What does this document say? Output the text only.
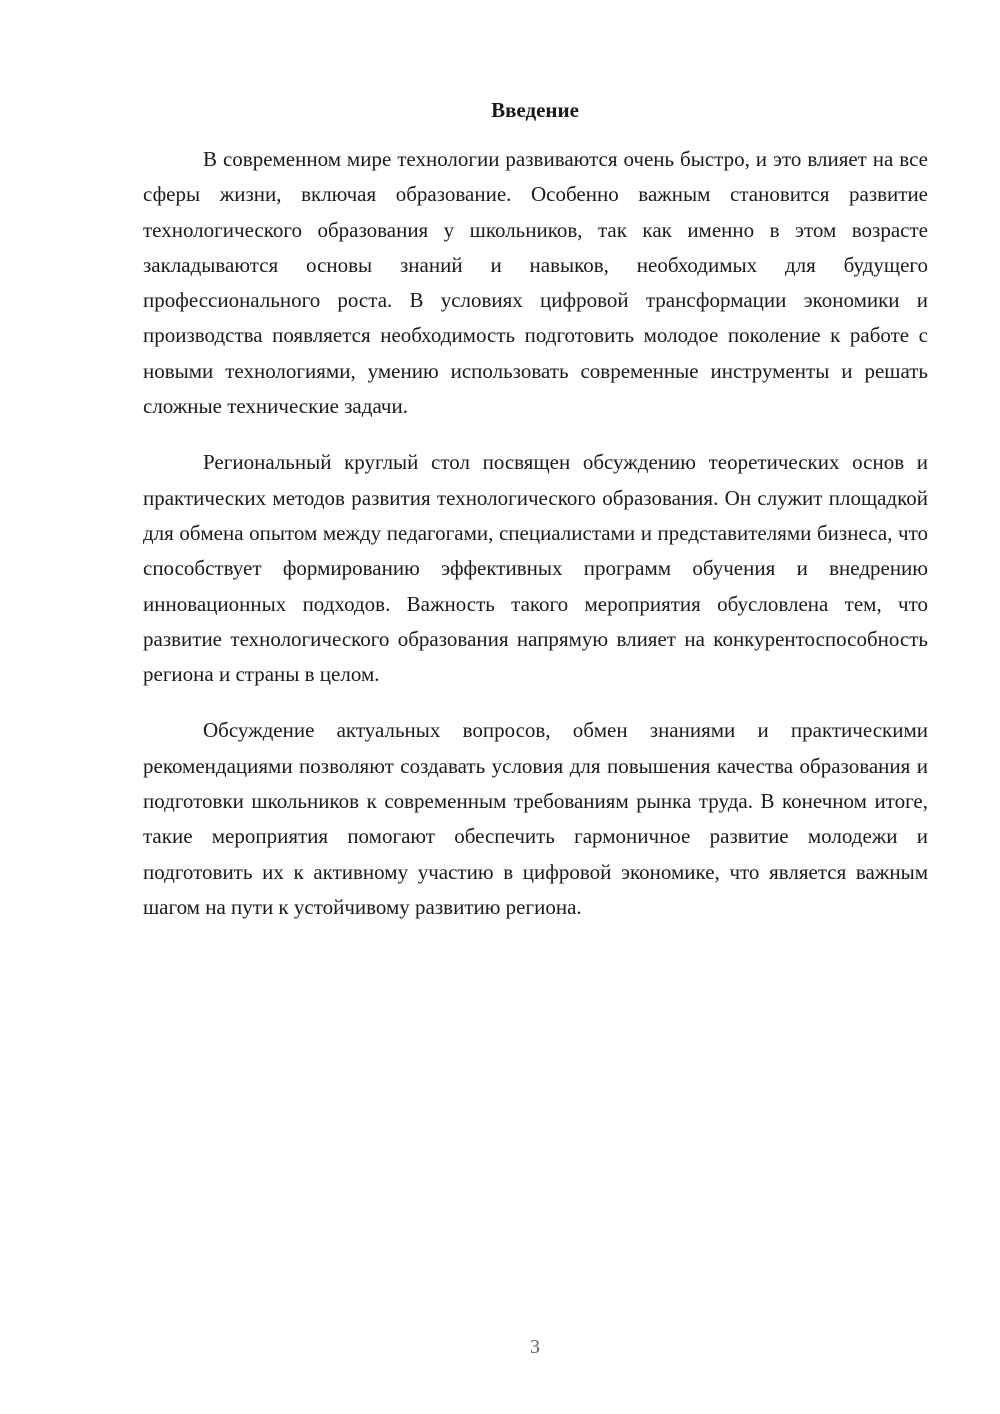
Введение

В современном мире технологии развиваются очень быстро, и это влияет на все сферы жизни, включая образование. Особенно важным становится развитие технологического образования у школьников, так как именно в этом возрасте закладываются основы знаний и навыков, необходимых для будущего профессионального роста. В условиях цифровой трансформации экономики и производства появляется необходимость подготовить молодое поколение к работе с новыми технологиями, умению использовать современные инструменты и решать сложные технические задачи.

Региональный круглый стол посвящен обсуждению теоретических основ и практических методов развития технологического образования. Он служит площадкой для обмена опытом между педагогами, специалистами и представителями бизнеса, что способствует формированию эффективных программ обучения и внедрению инновационных подходов. Важность такого мероприятия обусловлена тем, что развитие технологического образования напрямую влияет на конкурентоспособность региона и страны в целом.

Обсуждение актуальных вопросов, обмен знаниями и практическими рекомендациями позволяют создавать условия для повышения качества образования и подготовки школьников к современным требованиям рынка труда. В конечном итоге, такие мероприятия помогают обеспечить гармоничное развитие молодежи и подготовить их к активному участию в цифровой экономике, что является важным шагом на пути к устойчивому развитию региона.

3
